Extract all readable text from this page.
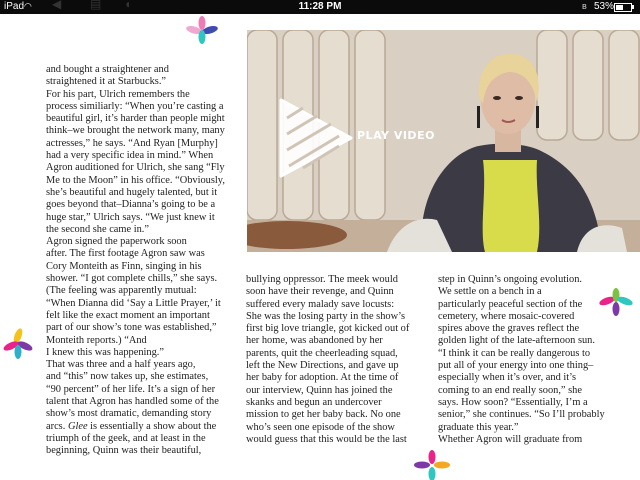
iPad ◠ ◀ ▤ ◖	11:28 PM	ʙ 53%
PLAY VIDEO

and bought a straightener and

straightened it at Starbucks.”

For his part, Ulrich remembers the

process similiarly: “When you’re casting a

beautiful girl, it’s harder than people might

think–we brought the network many, many

actresses,” he says. “And Ryan [Murphy]

had a very specific idea in mind.” When

Agron auditioned for Ulrich, she sang “Fly

Me to the Moon” in his office. “Obviously,

she’s beautiful and hugely talented, but it

goes beyond that–Dianna’s going to be a

huge star,” Ulrich says. “We just knew it

the second she came in.”

Agron signed the paperwork soon

after. The first footage Agron saw was

Cory Monteith as Finn, singing in his

shower. “I got complete chills,” she says.

(The feeling was apparently mutual:

“When Dianna did ‘Say a Little Prayer,’ it

felt like the exact moment an important

part of our show’s tone was established,”

Monteith reports.) “And

I knew this was happening.”

That was three and a half years ago,

and “this” now takes up, she estimates,

“90 percent” of her life. It’s a sign of her

talent that Agron has handled some of the

show’s most dramatic, demanding story

arcs. Glee is essentially a show about the

triumph of the geek, and at least in the

beginning, Quinn was their beautiful,

bullying oppressor. The meek would

soon have their revenge, and Quinn

suffered every malady save locusts:

She was the losing party in the show’s

first big love triangle, got kicked out of

her home, was abandoned by her

parents, quit the cheerleading squad,

left the New Directions, and gave up

her baby for adoption. At the time of

our interview, Quinn has joined the

skanks and begun an undercover

mission to get her baby back. No one

who’s seen one episode of the show

would guess that this would be the last

step in Quinn’s ongoing evolution.

We settle on a bench in a

particularly peaceful section of the

cemetery, where mosaic-covered

spires above the graves reflect the

golden light of the late-afternoon sun.

“I think it can be really dangerous to

put all of your energy into one thing–

especially when it’s over, and it’s

coming to an end really soon,” she

says. How soon? “Essentially, I’m a

senior,” she continues. “So I’ll probably

graduate this year.”

Whether Agron will graduate from
